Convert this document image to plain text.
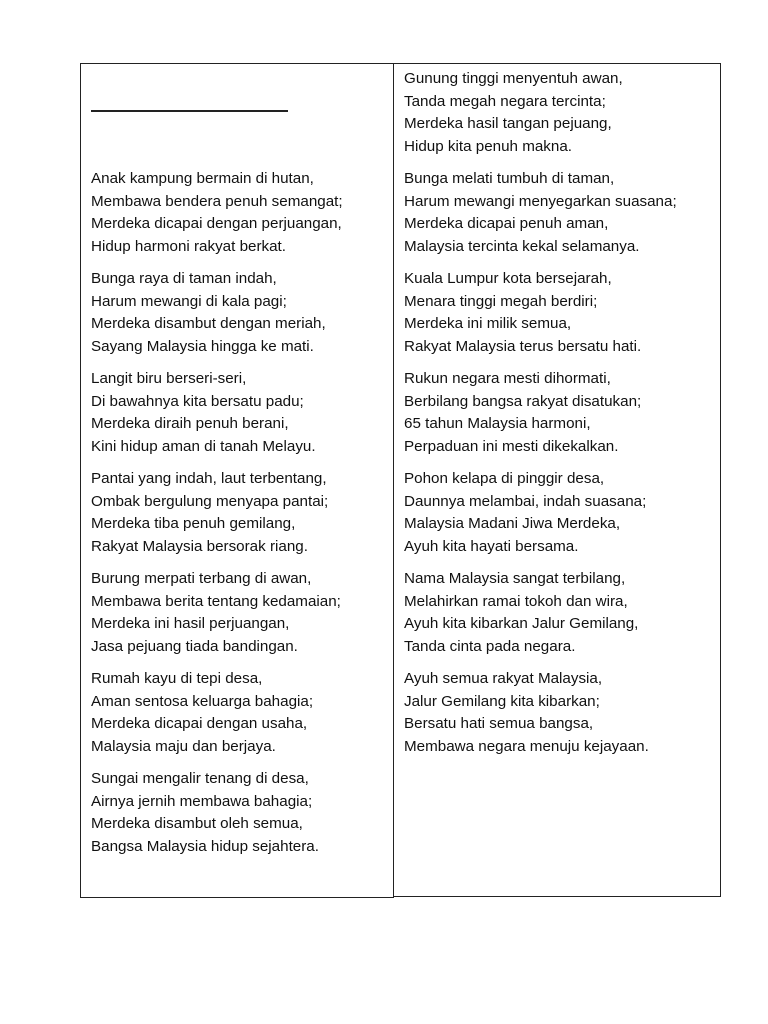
Anak kampung bermain di hutan,
Membawa bendera penuh semangat;
Merdeka dicapai dengan perjuangan,
Hidup harmoni rakyat berkat.
Bunga raya di taman indah,
Harum mewangi di kala pagi;
Merdeka disambut dengan meriah,
Sayang Malaysia hingga ke mati.
Langit biru berseri-seri,
Di bawahnya kita bersatu padu;
Merdeka diraih penuh berani,
Kini hidup aman di tanah Melayu.
Pantai yang indah, laut terbentang,
Ombak bergulung menyapa pantai;
Merdeka tiba penuh gemilang,
Rakyat Malaysia bersorak riang.
Burung merpati terbang di awan,
Membawa berita tentang kedamaian;
Merdeka ini hasil perjuangan,
Jasa pejuang tiada bandingan.
Rumah kayu di tepi desa,
Aman sentosa keluarga bahagia;
Merdeka dicapai dengan usaha,
Malaysia maju dan berjaya.
Sungai mengalir tenang di desa,
Airnya jernih membawa bahagia;
Merdeka disambut oleh semua,
Bangsa Malaysia hidup sejahtera.
Gunung tinggi menyentuh awan,
Tanda megah negara tercinta;
Merdeka hasil tangan pejuang,
Hidup kita penuh makna.
Bunga melati tumbuh di taman,
Harum mewangi menyegarkan suasana;
Merdeka dicapai penuh aman,
Malaysia tercinta kekal selamanya.
Kuala Lumpur kota bersejarah,
Menara tinggi megah berdiri;
Merdeka ini milik semua,
Rakyat Malaysia terus bersatu hati.
Rukun negara mesti dihormati,
Berbilang bangsa rakyat disatukan;
65 tahun Malaysia harmoni,
Perpaduan ini mesti dikekalkan.
Pohon kelapa di pinggir desa,
Daunnya melambai, indah suasana;
Malaysia Madani Jiwa Merdeka,
Ayuh kita hayati bersama.
Nama Malaysia sangat terbilang,
Melahirkan ramai tokoh dan wira,
Ayuh kita kibarkan Jalur Gemilang,
Tanda cinta pada negara.
Ayuh semua rakyat Malaysia,
Jalur Gemilang kita kibarkan;
Bersatu hati semua bangsa,
Membawa negara menuju kejayaan.
